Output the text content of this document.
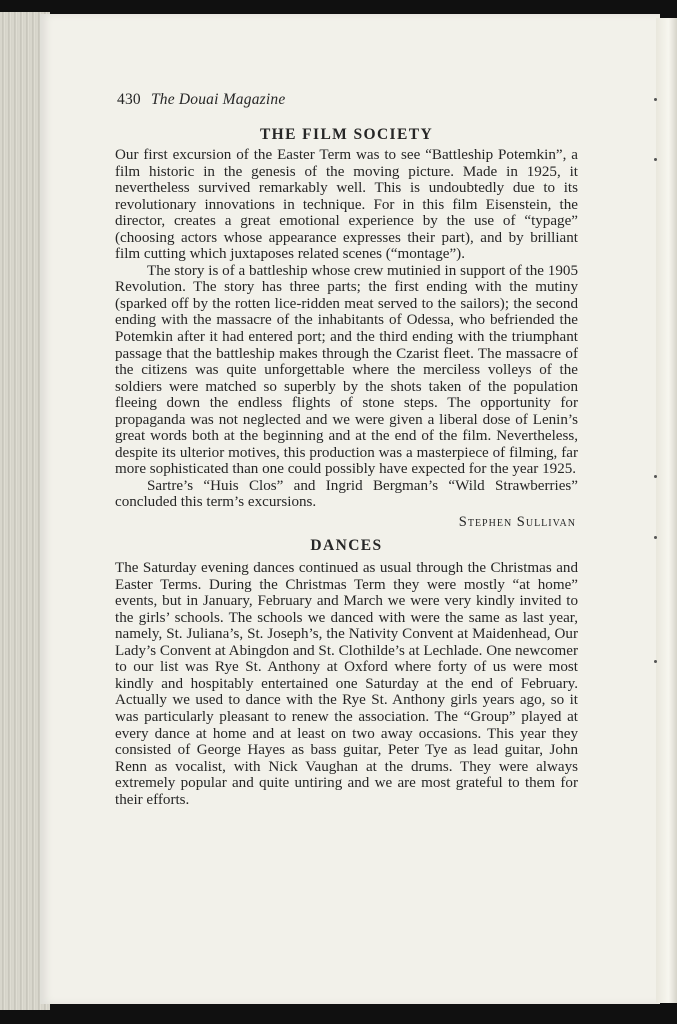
430 The Douai Magazine
THE FILM SOCIETY

Our first excursion of the Easter Term was to see “Battleship Potemkin”, a film historic in the genesis of the moving picture. Made in 1925, it nevertheless survived remarkably well. This is undoubtedly due to its revolutionary innovations in technique. For in this film Eisenstein, the director, creates a great emotional experience by the use of “typage” (choosing actors whose appearance expresses their part), and by brilliant film cutting which juxtaposes related scenes (“montage”).

The story is of a battleship whose crew mutinied in support of the 1905 Revolution. The story has three parts; the first ending with the mutiny (sparked off by the rotten lice-ridden meat served to the sailors); the second ending with the massacre of the inhabitants of Odessa, who befriended the Potemkin after it had entered port; and the third ending with the triumphant passage that the battleship makes through the Czarist fleet. The massacre of the citizens was quite unforgettable where the merciless volleys of the soldiers were matched so superbly by the shots taken of the population fleeing down the endless flights of stone steps. The opportunity for propaganda was not neglected and we were given a liberal dose of Lenin’s great words both at the beginning and at the end of the film. Nevertheless, despite its ulterior motives, this production was a masterpiece of filming, far more sophisticated than one could possibly have expected for the year 1925.

Sartre’s “Huis Clos” and Ingrid Bergman’s “Wild Strawberries” concluded this term’s excursions.

Stephen Sullivan
DANCES

The Saturday evening dances continued as usual through the Christmas and Easter Terms. During the Christmas Term they were mostly “at home” events, but in January, February and March we were very kindly invited to the girls’ schools. The schools we danced with were the same as last year, namely, St. Juliana’s, St. Joseph’s, the Nativity Convent at Maidenhead, Our Lady’s Convent at Abingdon and St. Clothilde’s at Lechlade. One newcomer to our list was Rye St. Anthony at Oxford where forty of us were most kindly and hospitably entertained one Saturday at the end of February. Actually we used to dance with the Rye St. Anthony girls years ago, so it was particularly pleasant to renew the association. The “Group” played at every dance at home and at least on two away occasions. This year they consisted of George Hayes as bass guitar, Peter Tye as lead guitar, John Renn as vocalist, with Nick Vaughan at the drums. They were always extremely popular and quite untiring and we are most grateful to them for their efforts.
